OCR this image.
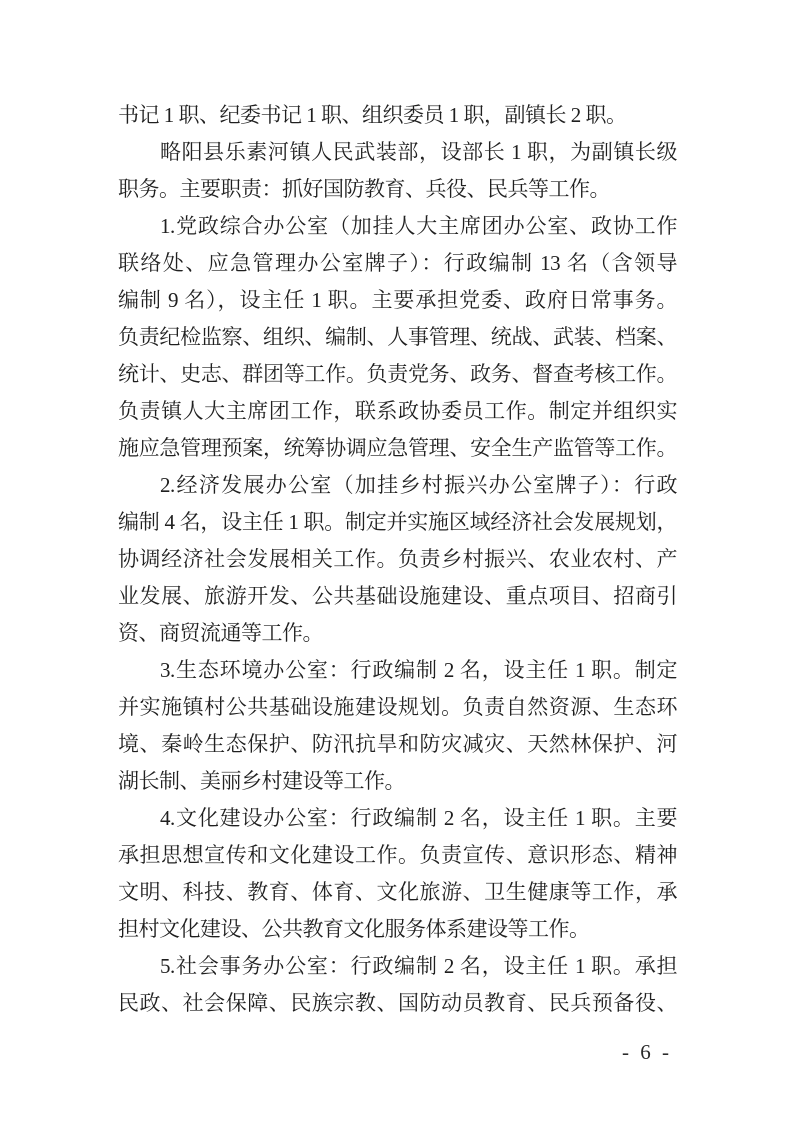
书记 1 职、纪委书记 1 职、组织委员 1 职，副镇长 2 职。
略阳县乐素河镇人民武装部，设部长 1 职，为副镇长级
职务。主要职责：抓好国防教育、兵役、民兵等工作。
1.党政综合办公室（加挂人大主席团办公室、政协工作
联络处、应急管理办公室牌子）：行政编制 13 名（含领导
编制 9 名），设主任 1 职。主要承担党委、政府日常事务。
负责纪检监察、组织、编制、人事管理、统战、武装、档案、
统计、史志、群团等工作。负责党务、政务、督查考核工作。
负责镇人大主席团工作，联系政协委员工作。制定并组织实
施应急管理预案，统筹协调应急管理、安全生产监管等工作。
2.经济发展办公室（加挂乡村振兴办公室牌子）：行政
编制 4 名，设主任 1 职。制定并实施区域经济社会发展规划，
协调经济社会发展相关工作。负责乡村振兴、农业农村、产
业发展、旅游开发、公共基础设施建设、重点项目、招商引
资、商贸流通等工作。
3.生态环境办公室：行政编制 2 名，设主任 1 职。制定
并实施镇村公共基础设施建设规划。负责自然资源、生态环
境、秦岭生态保护、防汛抗旱和防灾减灾、天然林保护、河
湖长制、美丽乡村建设等工作。
4.文化建设办公室：行政编制 2 名，设主任 1 职。主要
承担思想宣传和文化建设工作。负责宣传、意识形态、精神
文明、科技、教育、体育、文化旅游、卫生健康等工作，承
担村文化建设、公共教育文化服务体系建设等工作。
5.社会事务办公室：行政编制 2 名，设主任 1 职。承担
民政、社会保障、民族宗教、国防动员教育、民兵预备役、
- 6 -
